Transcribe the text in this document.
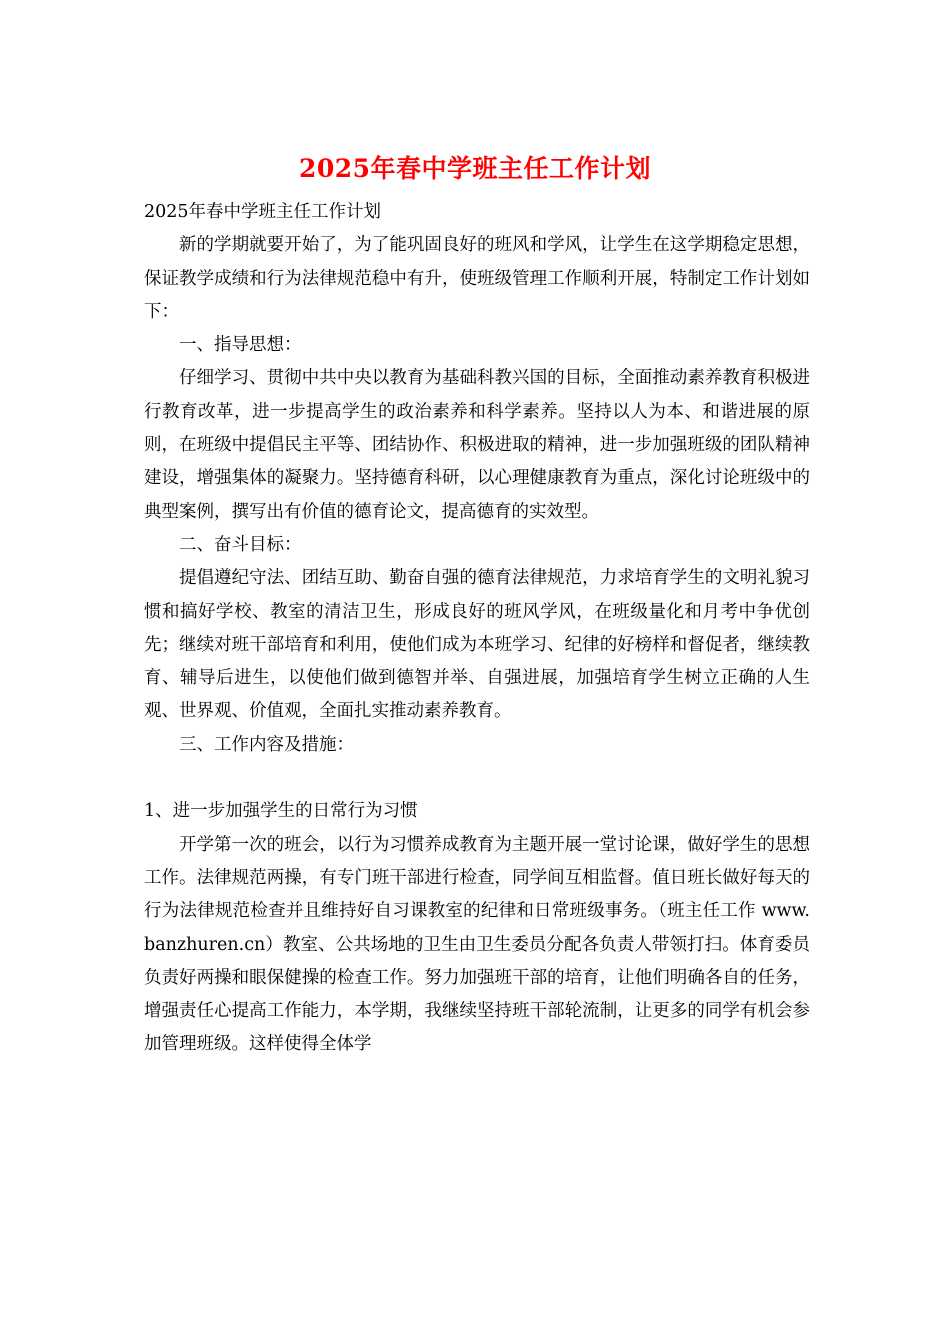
2025年春中学班主任工作计划

2025年春中学班主任工作计划

新的学期就要开始了，为了能巩固良好的班风和学风，让学生在这学期稳定思想，保证教学成绩和行为法律规范稳中有升，使班级管理工作顺利开展，特制定工作计划如下：

一、指导思想：

仔细学习、贯彻中共中央以教育为基础科教兴国的目标，全面推动素养教育积极进行教育改革，进一步提高学生的政治素养和科学素养。坚持以人为本、和谐进展的原则，在班级中提倡民主平等、团结协作、积极进取的精神，进一步加强班级的团队精神建设，增强集体的凝聚力。坚持德育科研，以心理健康教育为重点，深化讨论班级中的典型案例，撰写出有价值的德育论文，提高德育的实效型。

二、奋斗目标：

提倡遵纪守法、团结互助、勤奋自强的德育法律规范，力求培育学生的文明礼貌习惯和搞好学校、教室的清洁卫生，形成良好的班风学风，在班级量化和月考中争优创先；继续对班干部培育和利用，使他们成为本班学习、纪律的好榜样和督促者，继续教育、辅导后进生，以使他们做到德智并举、自强进展，加强培育学生树立正确的人生观、世界观、价值观，全面扎实推动素养教育。

三、工作内容及措施：

1、进一步加强学生的日常行为习惯

开学第一次的班会，以行为习惯养成教育为主题开展一堂讨论课，做好学生的思想工作。法律规范两操，有专门班干部进行检查，同学间互相监督。值日班长做好每天的行为法律规范检查并且维持好自习课教室的纪律和日常班级事务。（班主任工作 www.banzhuren.cn）教室、公共场地的卫生由卫生委员分配各负责人带领打扫。体育委员负责好两操和眼保健操的检查工作。努力加强班干部的培育，让他们明确各自的任务，增强责任心提高工作能力，本学期，我继续坚持班干部轮流制，让更多的同学有机会参加管理班级。这样使得全体学
